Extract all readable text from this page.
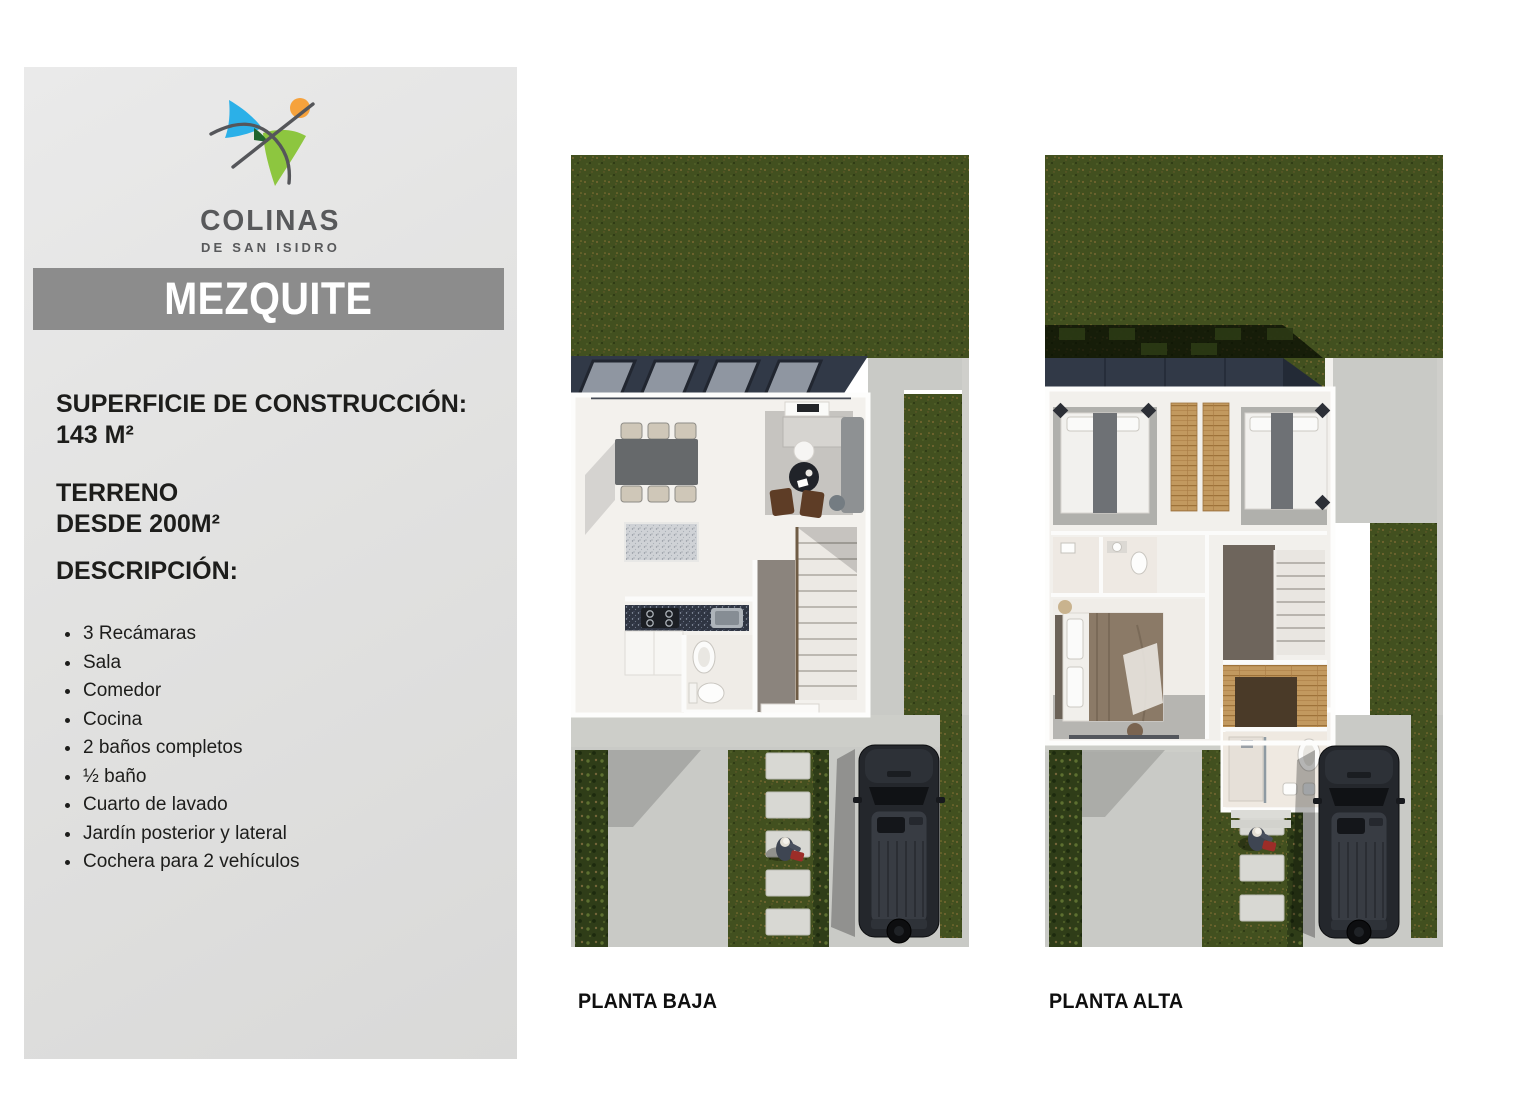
COLINAS
DE SAN ISIDRO
MEZQUITE
SUPERFICIE DE CONSTRUCCIÓN:
143 M²
TERRENO
DESDE 200M²
DESCRIPCIÓN:
3 Recámaras
Sala
Comedor
Cocina
2 baños completos
½ baño
Cuarto de lavado
Jardín posterior y lateral
Cochera para 2 vehículos
PLANTA BAJA	PLANTA ALTA
